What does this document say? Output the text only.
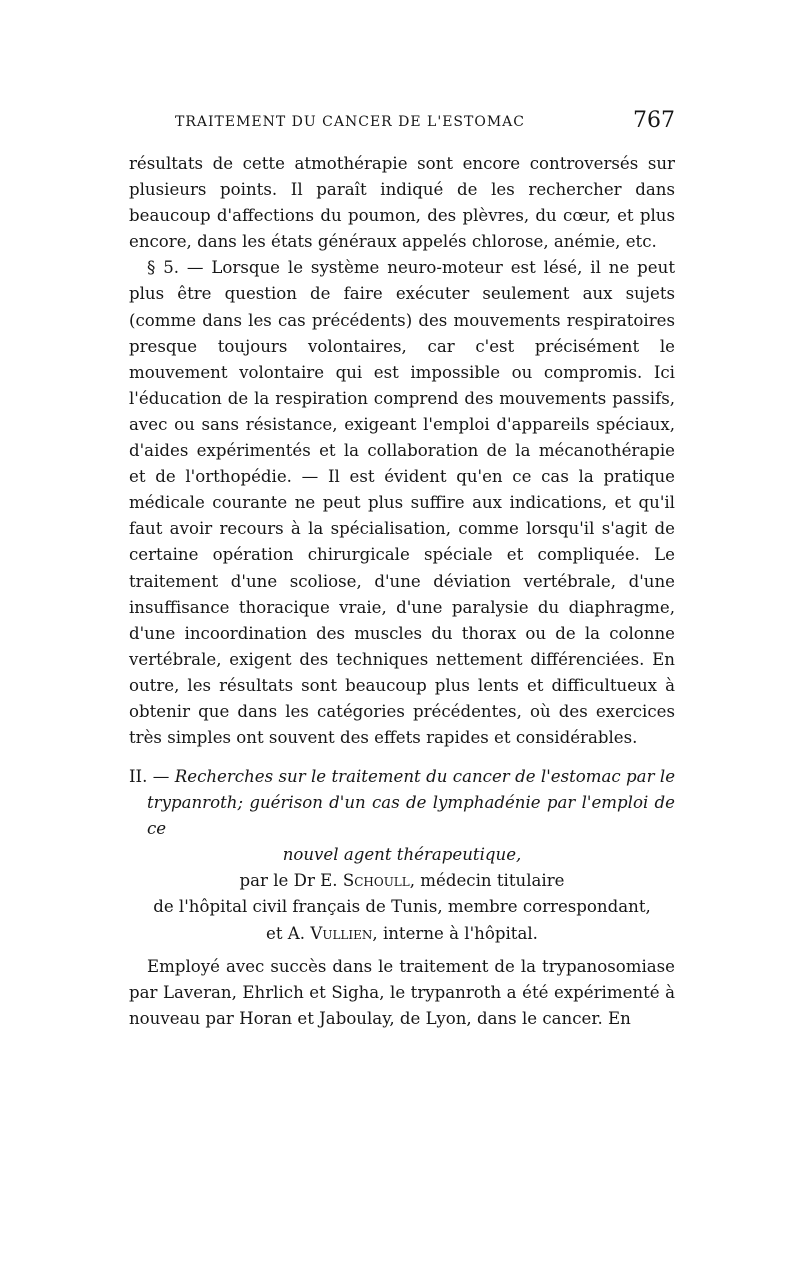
TRAITEMENT DU CANCER DE L'ESTOMAC	767

résultats de cette atmothérapie sont encore controversés sur plusieurs points. Il paraît indiqué de les rechercher dans beaucoup d'affections du poumon, des plèvres, du cœur, et plus encore, dans les états généraux appelés chlorose, anémie, etc.

§ 5. — Lorsque le système neuro-moteur est lésé, il ne peut plus être question de faire exécuter seulement aux sujets (comme dans les cas précédents) des mouvements respiratoires presque toujours volontaires, car c'est précisément le mouvement volontaire qui est impossible ou compromis. Ici l'éducation de la respiration comprend des mouvements passifs, avec ou sans résistance, exigeant l'emploi d'appareils spéciaux, d'aides expérimentés et la collaboration de la mécanothérapie et de l'orthopédie. — Il est évident qu'en ce cas la pratique médicale courante ne peut plus suffire aux indications, et qu'il faut avoir recours à la spécialisation, comme lorsqu'il s'agit de certaine opération chirurgicale spéciale et compliquée. Le traitement d'une scoliose, d'une déviation vertébrale, d'une insuffisance thoracique vraie, d'une paralysie du diaphragme, d'une incoordination des muscles du thorax ou de la colonne vertébrale, exigent des techniques nettement différenciées. En outre, les résultats sont beaucoup plus lents et difficultueux à obtenir que dans les catégories précédentes, où des exercices très simples ont souvent des effets rapides et considérables.

II. — Recherches sur le traitement du cancer de l'estomac par le trypanroth; guérison d'un cas de lymphadénie par l'emploi de ce
nouvel agent thérapeutique,
par le Dr E. Schoull, médecin titulaire
de l'hôpital civil français de Tunis, membre correspondant,
et A. Vullien, interne à l'hôpital.

Employé avec succès dans le traitement de la trypanosomiase par Laveran, Ehrlich et Sigha, le trypanroth a été expérimenté à nouveau par Horan et Jaboulay, de Lyon, dans le cancer. En
